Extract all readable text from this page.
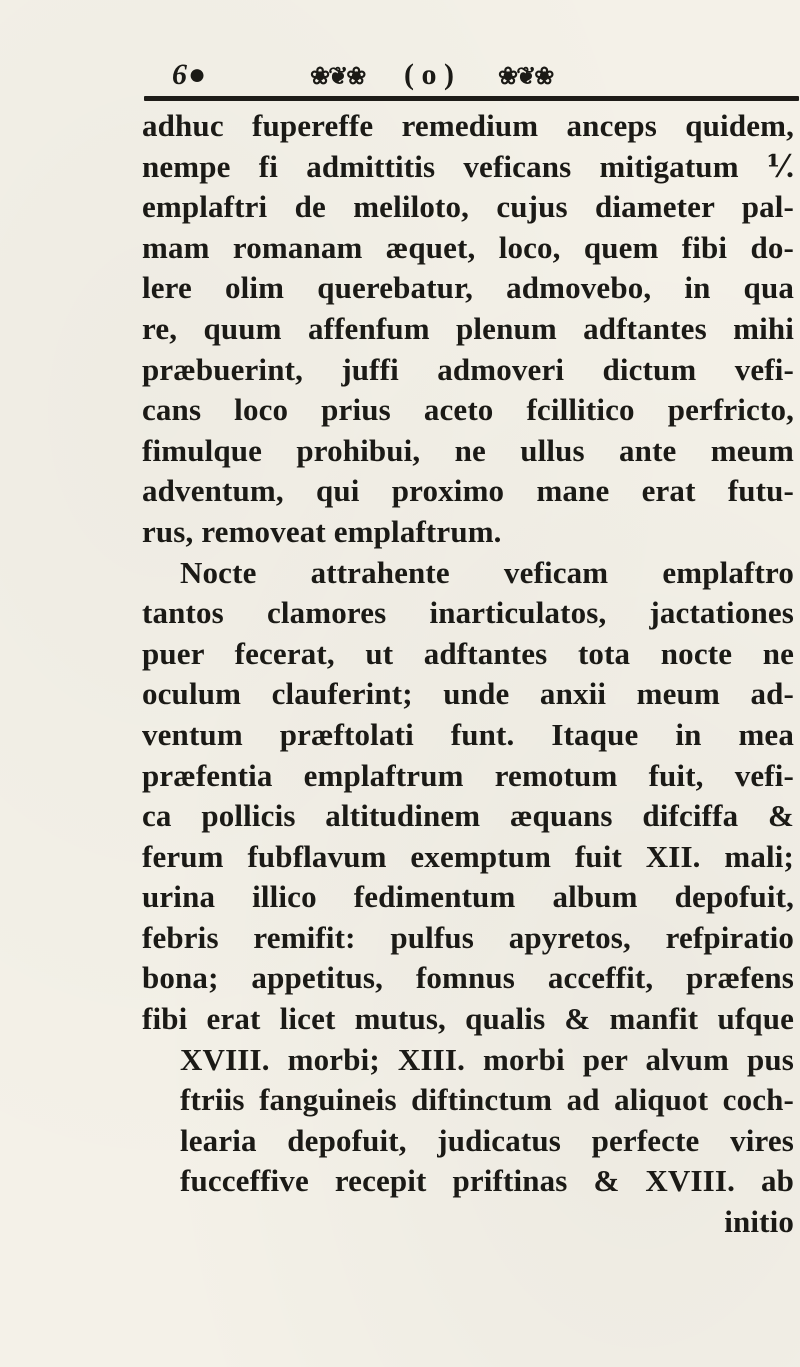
6●	❀❦❀ ( o ) ❀❦❀
adhuc fupereffe remedium anceps quidem,
nempe fi admittitis veficans mitigatum ⅟.
emplaftri de meliloto, cujus diameter pal-
mam romanam æquet, loco, quem fibi do-
lere olim querebatur, admovebo, in qua
re, quum affenfum plenum adftantes mihi
præbuerint, juffi admoveri dictum vefi-
cans loco prius aceto fcillitico perfricto,
fimulque prohibui, ne ullus ante meum
adventum, qui proximo mane erat futu-
rus, removeat emplaftrum.
Nocte attrahente veficam emplaftro
tantos clamores inarticulatos, jactationes
puer fecerat, ut adftantes tota nocte ne
oculum clauferint; unde anxii meum ad-
ventum præftolati funt. Itaque in mea
præfentia emplaftrum remotum fuit, vefi-
ca pollicis altitudinem æquans difciffa &
ferum fubflavum exemptum fuit XII. mali;
urina illico fedimentum album depofuit,
febris remifit: pulfus apyretos, refpiratio
bona; appetitus, fomnus acceffit, præfens
fibi erat licet mutus, qualis & manfit ufque
XVIII. morbi; XIII. morbi per alvum pus
ftriis fanguineis diftinctum ad aliquot coch-
learia depofuit, judicatus perfecte vires
fucceffive recepit priftinas & XVIII. ab
initio
